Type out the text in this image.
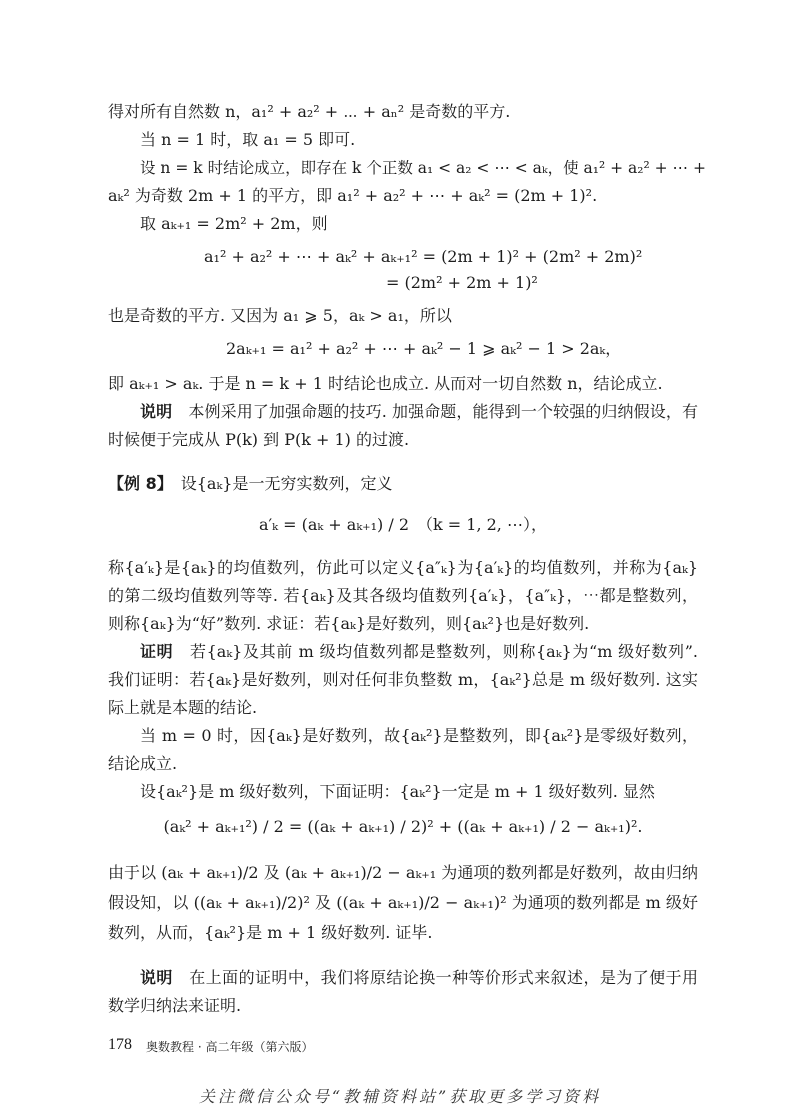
得对所有自然数 n，a₁² + a₂² + ⋯ + aₙ² 是奇数的平方.

当 n = 1 时，取 a₁ = 5 即可.

设 n = k 时结论成立，即存在 k 个正数 a₁ < a₂ < ⋯ < aₖ，使 a₁² + a₂² + ⋯ +

aₖ² 为奇数 2m + 1 的平方，即 a₁² + a₂² + ⋯ + aₖ² = (2m + 1)².

取 aₖ₊₁ = 2m² + 2m，则

a₁² + a₂² + ⋯ + aₖ² + aₖ₊₁² = (2m + 1)² + (2m² + 2m)²
= (2m² + 2m + 1)²

也是奇数的平方. 又因为 a₁ ⩾ 5，aₖ > a₁，所以

2aₖ₊₁ = a₁² + a₂² + ⋯ + aₖ² − 1 ⩾ aₖ² − 1 > 2aₖ，

即 aₖ₊₁ > aₖ. 于是 n = k + 1 时结论也成立. 从而对一切自然数 n，结论成立.

说明　 本例采用了加强命题的技巧. 加强命题，能得到一个较强的归纳假设，有时候便于完成从 P(k) 到 P(k + 1) 的过渡.

【例 8】　 设{aₖ}是一无穷实数列，定义

a′ₖ = (aₖ + aₖ₊₁) / 2　（k = 1, 2, ⋯），

称{a′ₖ}是{aₖ}的均值数列，仿此可以定义{a″ₖ}为{a′ₖ}的均值数列，并称为{aₖ}的第二级均值数列等等. 若{aₖ}及其各级均值数列{a′ₖ}，{a″ₖ}，⋯都是整数列，则称{aₖ}为“好”数列. 求证：若{aₖ}是好数列，则{aₖ²}也是好数列.

证明　 若{aₖ}及其前 m 级均值数列都是整数列，则称{aₖ}为“m 级好数列”. 我们证明：若{aₖ}是好数列，则对任何非负整数 m，{aₖ²}总是 m 级好数列. 这实际上就是本题的结论.

当 m = 0 时，因{aₖ}是好数列，故{aₖ²}是整数列，即{aₖ²}是零级好数列，结论成立.

设{aₖ²}是 m 级好数列，下面证明：{aₖ²}一定是 m + 1 级好数列. 显然

(aₖ² + aₖ₊₁²) / 2 = ((aₖ + aₖ₊₁) / 2)² + ((aₖ + aₖ₊₁) / 2 − aₖ₊₁)².

由于以 (aₖ + aₖ₊₁)/2 及 (aₖ + aₖ₊₁)/2 − aₖ₊₁ 为通项的数列都是好数列，故由归纳假设知，以 ((aₖ + aₖ₊₁)/2)² 及 ((aₖ + aₖ₊₁)/2 − aₖ₊₁)² 为通项的数列都是 m 级好数列，从而，{aₖ²}是 m + 1 级好数列. 证毕.

说明　 在上面的证明中，我们将原结论换一种等价形式来叙述，是为了便于用数学归纳法来证明.

178 奥数教程 · 高二年级（第六版）
关注微信公众号“教辅资料站”获取更多学习资料
